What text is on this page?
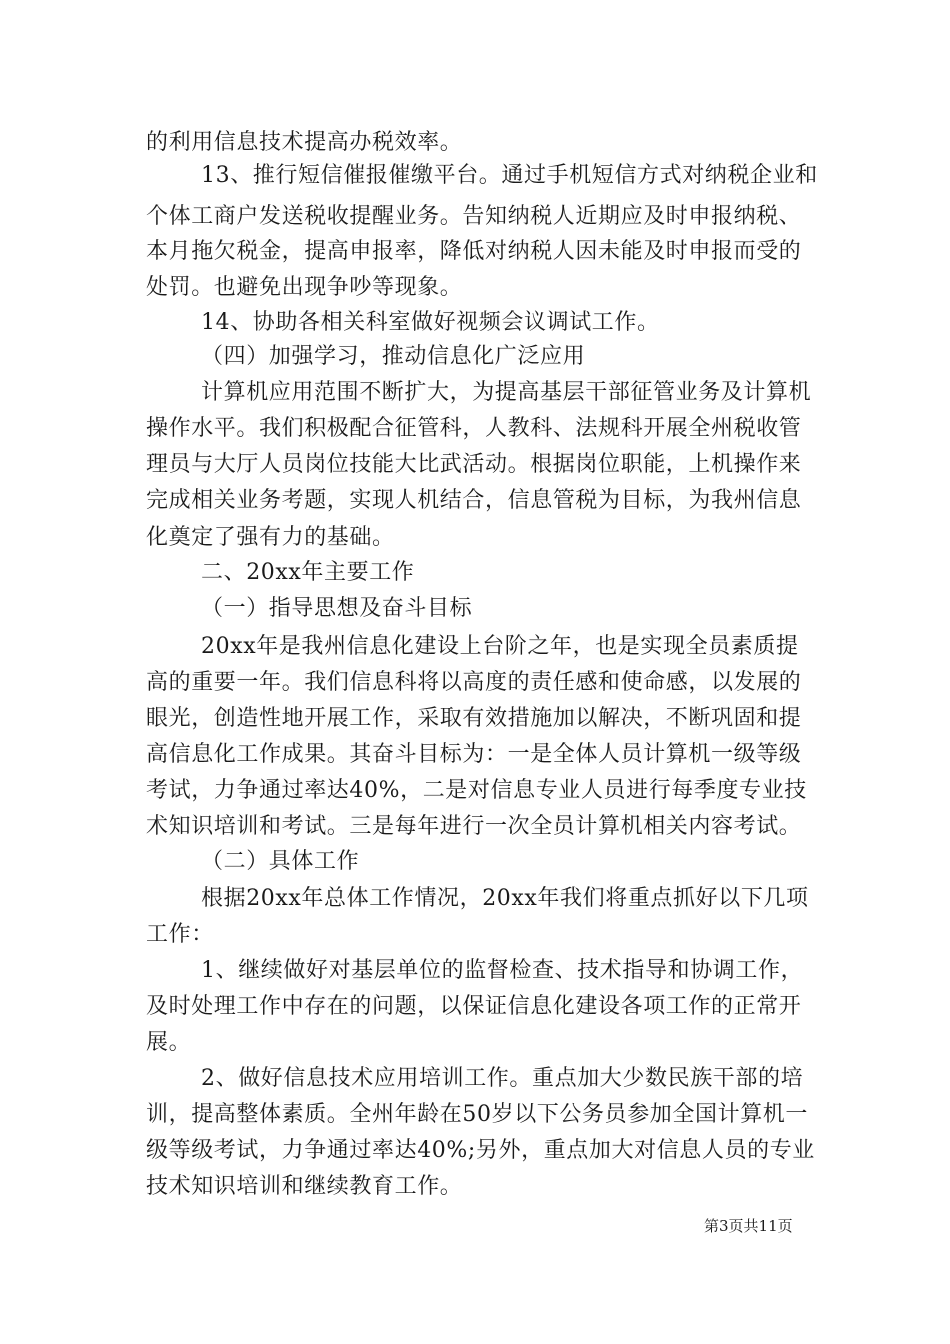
的利用信息技术提高办税效率。
13、推行短信催报催缴平台。通过手机短信方式对纳税企业和
个体工商户发送税收提醒业务。告知纳税人近期应及时申报纳税、
本月拖欠税金，提高申报率，降低对纳税人因未能及时申报而受的
处罚。也避免出现争吵等现象。
14、协助各相关科室做好视频会议调试工作。
（四）加强学习，推动信息化广泛应用
计算机应用范围不断扩大，为提高基层干部征管业务及计算机
操作水平。我们积极配合征管科，人教科、法规科开展全州税收管
理员与大厅人员岗位技能大比武活动。根据岗位职能，上机操作来
完成相关业务考题，实现人机结合，信息管税为目标，为我州信息
化奠定了强有力的基础。
二、20xx年主要工作
（一）指导思想及奋斗目标
20xx年是我州信息化建设上台阶之年，也是实现全员素质提
高的重要一年。我们信息科将以高度的责任感和使命感，以发展的
眼光，创造性地开展工作，采取有效措施加以解决，不断巩固和提
高信息化工作成果。其奋斗目标为：一是全体人员计算机一级等级
考试，力争通过率达40%，二是对信息专业人员进行每季度专业技
术知识培训和考试。三是每年进行一次全员计算机相关内容考试。
（二）具体工作
根据20xx年总体工作情况，20xx年我们将重点抓好以下几项
工作：
1、继续做好对基层单位的监督检查、技术指导和协调工作，
及时处理工作中存在的问题，以保证信息化建设各项工作的正常开
展。
2、做好信息技术应用培训工作。重点加大少数民族干部的培
训，提高整体素质。全州年龄在50岁以下公务员参加全国计算机一
级等级考试，力争通过率达40%;另外，重点加大对信息人员的专业
技术知识培训和继续教育工作。
第3页共11页
